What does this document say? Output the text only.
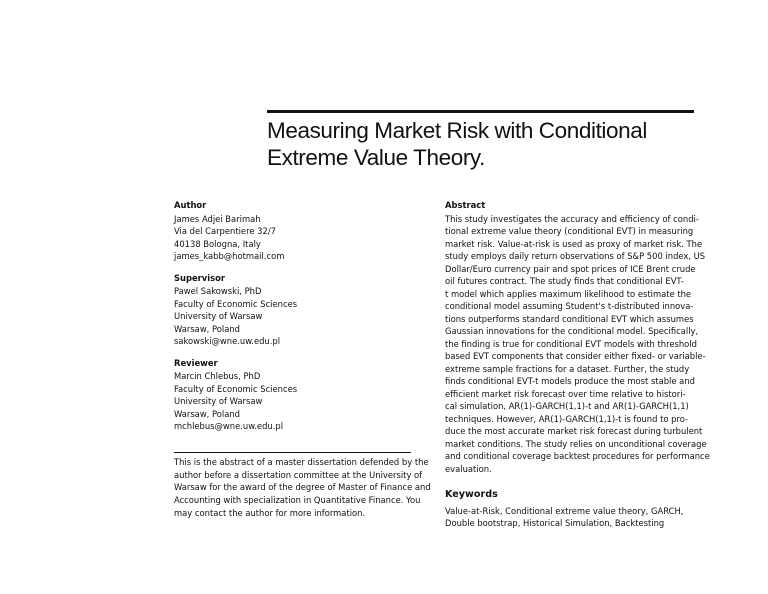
Measuring Market Risk with Conditional
Extreme Value Theory.
Author
James Adjei Barimah
Via del Carpentiere 32/7
40138 Bologna, Italy
james_kabb@hotmail.com
Supervisor
Pawel Sakowski, PhD
Faculty of Economic Sciences
University of Warsaw
Warsaw, Poland
sakowski@wne.uw.edu.pl
Reviewer
Marcin Chlebus, PhD
Faculty of Economic Sciences
University of Warsaw
Warsaw, Poland
mchlebus@wne.uw.edu.pl
This is the abstract of a master dissertation defended by the
author before a dissertation committee at the University of
Warsaw for the award of the degree of Master of Finance and
Accounting with specialization in Quantitative Finance. You
may contact the author for more information.
Abstract
This study investigates the accuracy and efficiency of condi-
tional extreme value theory (conditional EVT) in measuring
market risk. Value-at-risk is used as proxy of market risk. The
study employs daily return observations of S&P 500 index, US
Dollar/Euro currency pair and spot prices of ICE Brent crude
oil futures contract. The study finds that conditional EVT-
t model which applies maximum likelihood to estimate the
conditional model assuming Student's t-distributed innova-
tions outperforms standard conditional EVT which assumes
Gaussian innovations for the conditional model. Specifically,
the finding is true for conditional EVT models with threshold
based EVT components that consider either fixed- or variable-
extreme sample fractions for a dataset. Further, the study
finds conditional EVT-t models produce the most stable and
efficient market risk forecast over time relative to histori-
cal simulation, AR(1)-GARCH(1,1)-t and AR(1)-GARCH(1,1)
techniques. However, AR(1)-GARCH(1,1)-t is found to pro-
duce the most accurate market risk forecast during turbulent
market conditions. The study relies on unconditional coverage
and conditional coverage backtest procedures for performance
evaluation.
Keywords
Value-at-Risk, Conditional extreme value theory, GARCH,
Double bootstrap, Historical Simulation, Backtesting
